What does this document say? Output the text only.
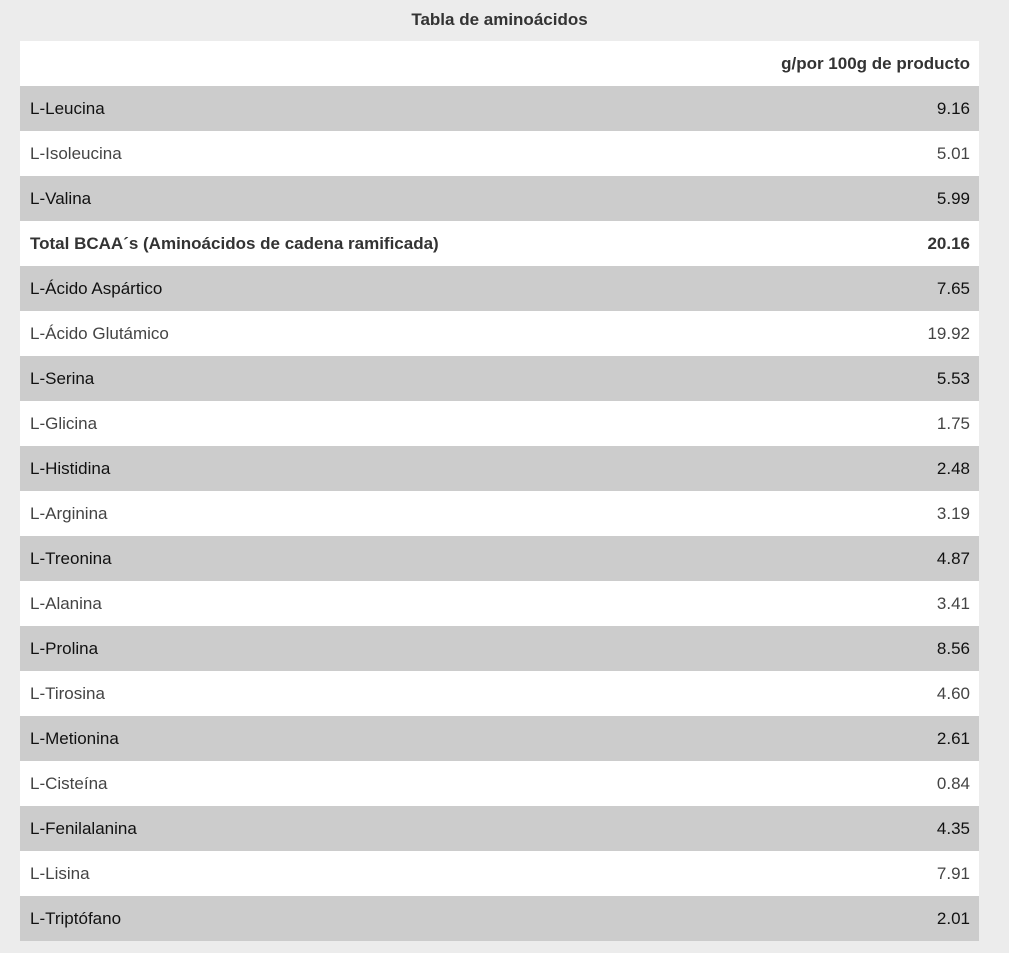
Tabla de aminoácidos
g/por 100g de producto
L-Leucina	9.16
L-Isoleucina	5.01
L-Valina	5.99
Total BCAA´s (Aminoácidos de cadena ramificada)	20.16
L-Ácido Aspártico	7.65
L-Ácido Glutámico	19.92
L-Serina	5.53
L-Glicina	1.75
L-Histidina	2.48
L-Arginina	3.19
L-Treonina	4.87
L-Alanina	3.41
L-Prolina	8.56
L-Tirosina	4.60
L-Metionina	2.61
L-Cisteína	0.84
L-Fenilalanina	4.35
L-Lisina	7.91
L-Triptófano	2.01
